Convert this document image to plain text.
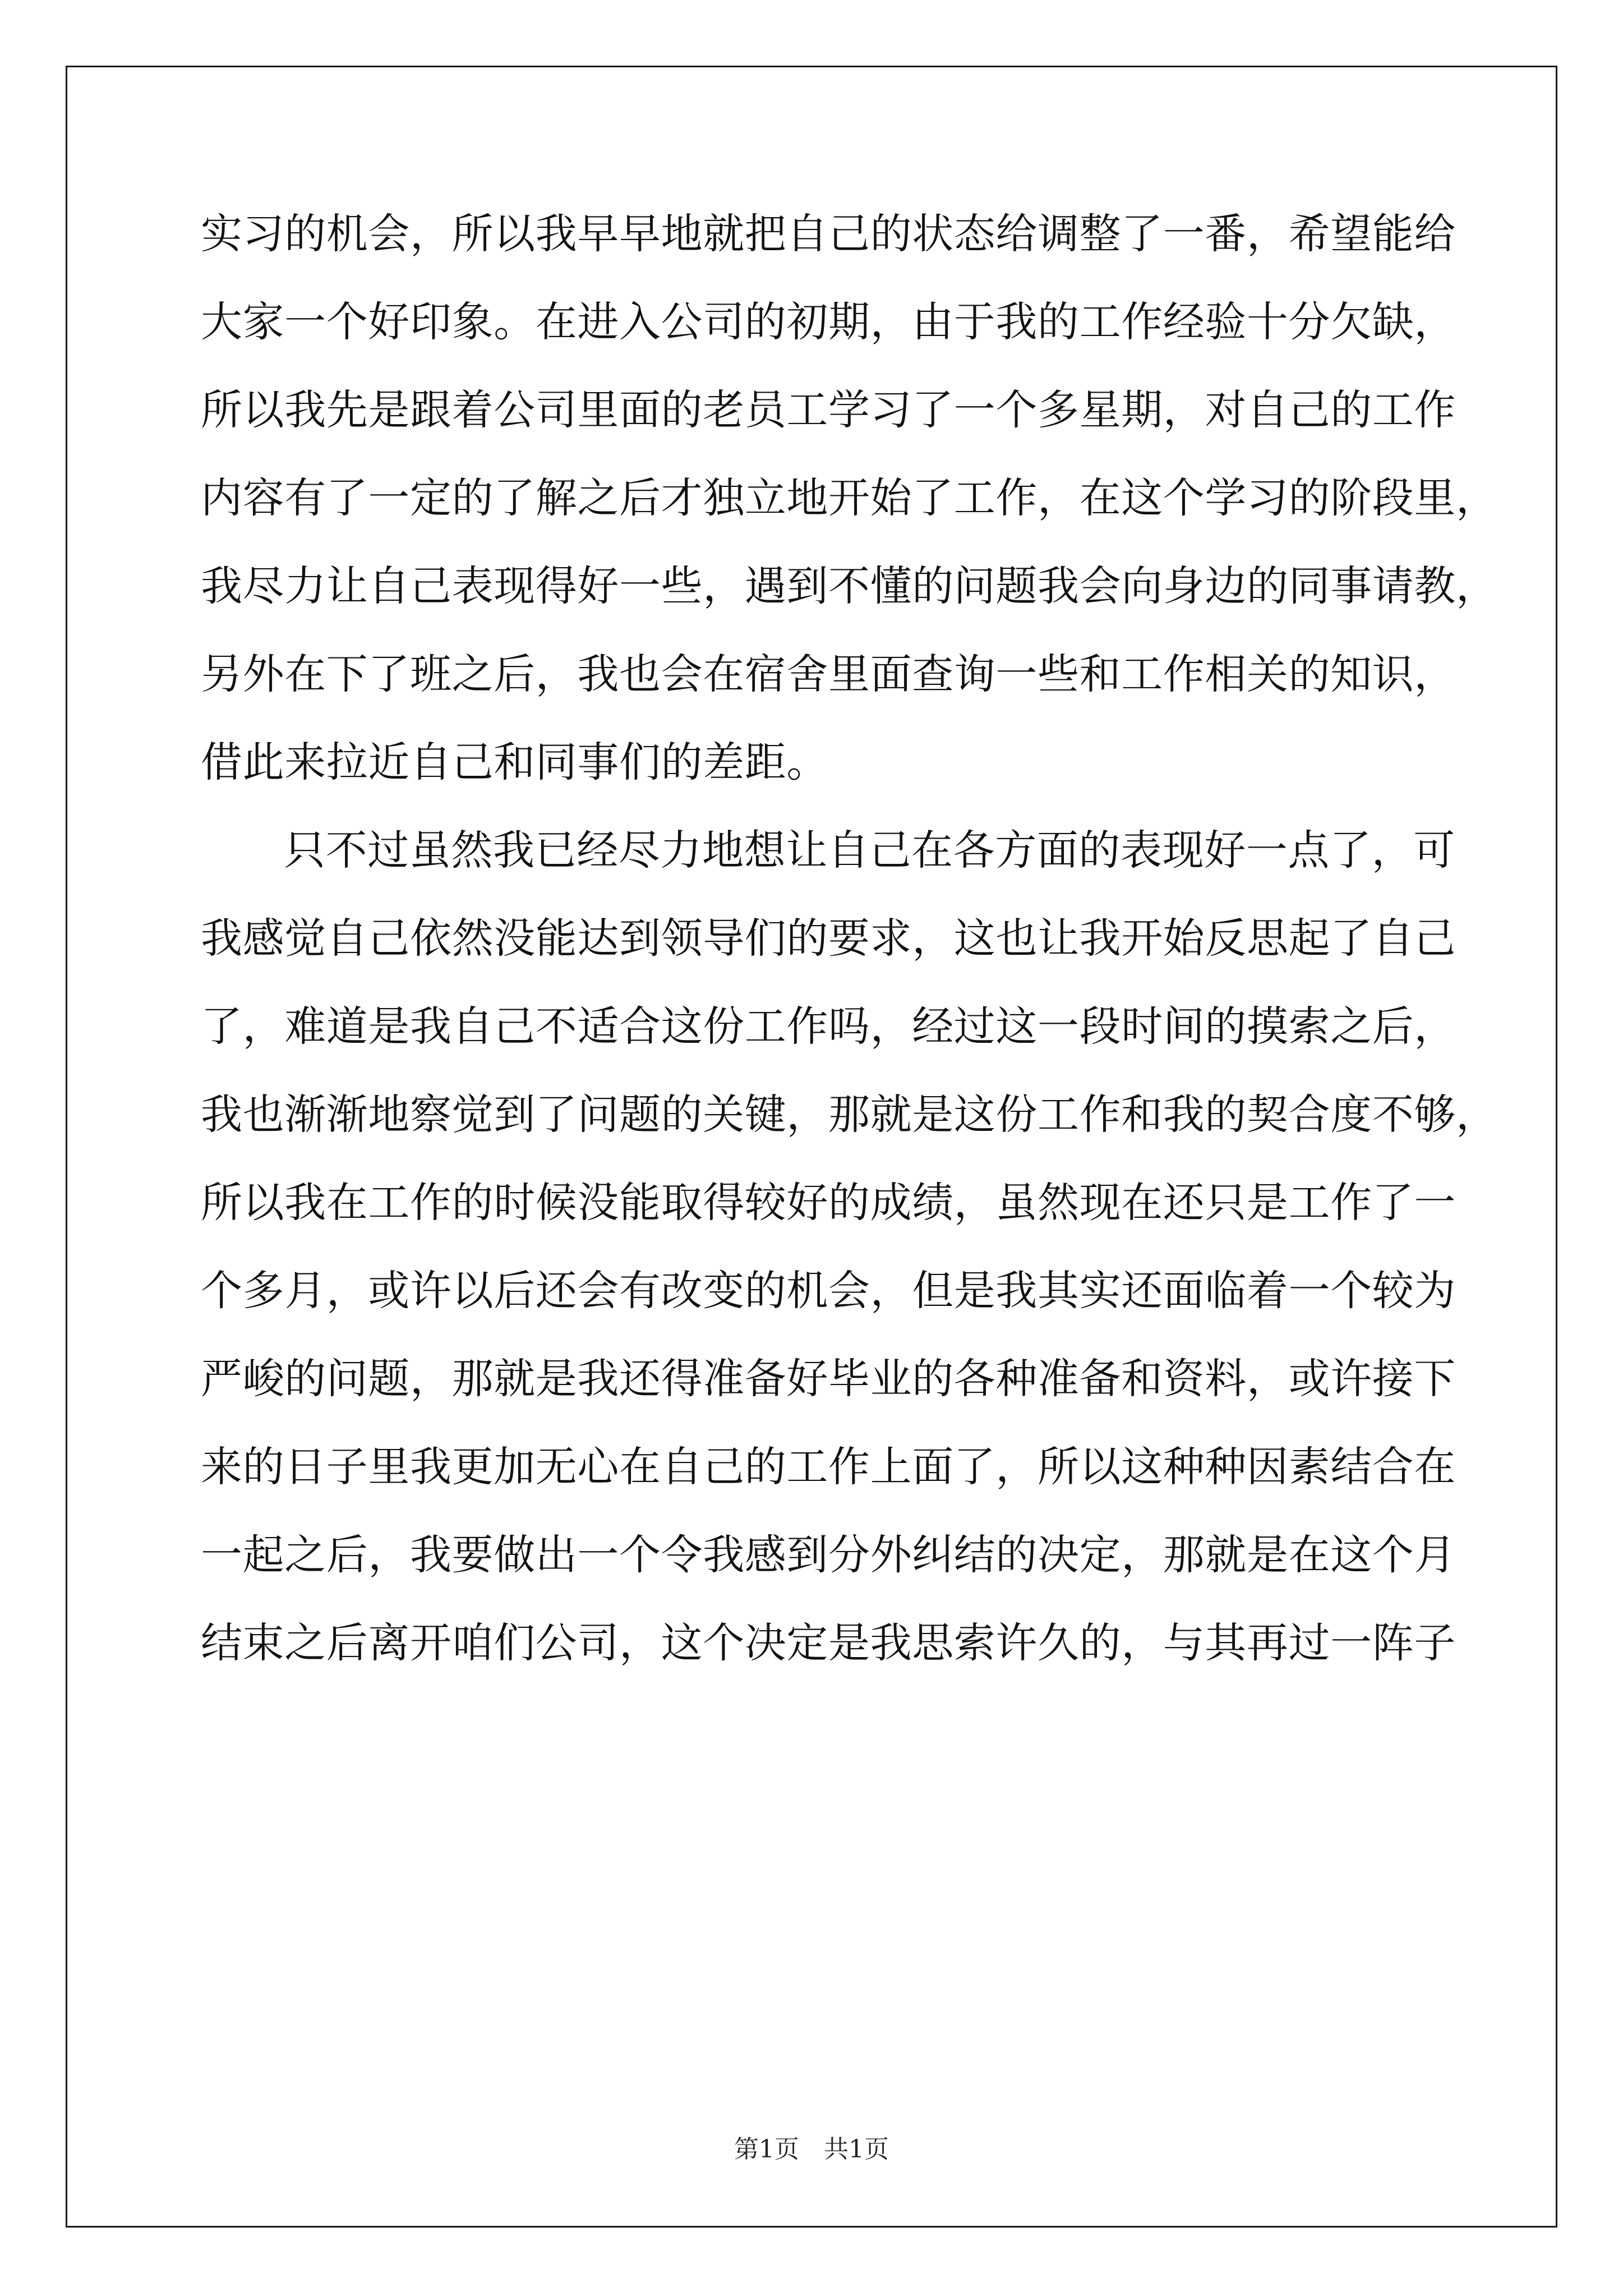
实习的机会，所以我早早地就把自己的状态给调整了一番，希望能给
大家一个好印象。在进入公司的初期，由于我的工作经验十分欠缺，
所以我先是跟着公司里面的老员工学习了一个多星期，对自己的工作
内容有了一定的了解之后才独立地开始了工作，在这个学习的阶段里，
我尽力让自己表现得好一些，遇到不懂的问题我会向身边的同事请教，
另外在下了班之后，我也会在宿舍里面查询一些和工作相关的知识，
借此来拉近自己和同事们的差距。
只不过虽然我已经尽力地想让自己在各方面的表现好一点了，可
我感觉自己依然没能达到领导们的要求，这也让我开始反思起了自己
了，难道是我自己不适合这份工作吗，经过这一段时间的摸索之后，
我也渐渐地察觉到了问题的关键，那就是这份工作和我的契合度不够，
所以我在工作的时候没能取得较好的成绩，虽然现在还只是工作了一
个多月，或许以后还会有改变的机会，但是我其实还面临着一个较为
严峻的问题，那就是我还得准备好毕业的各种准备和资料，或许接下
来的日子里我更加无心在自己的工作上面了，所以这种种因素结合在
一起之后，我要做出一个令我感到分外纠结的决定，那就是在这个月
结束之后离开咱们公司，这个决定是我思索许久的，与其再过一阵子
第1页　共1页
